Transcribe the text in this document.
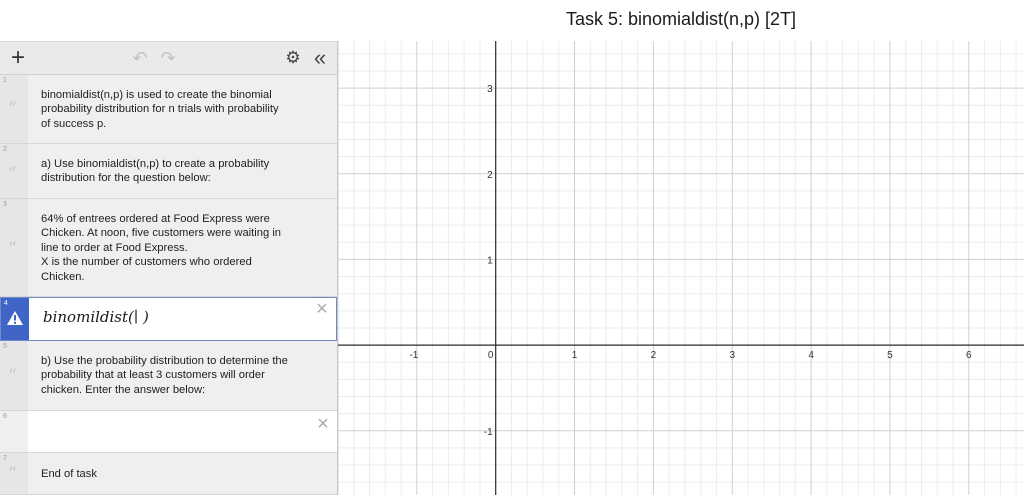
Task 5: binomialdist(n,p) [2T]
+	↶ ↷	⚙ «
1
“
binomialdist(n,p) is used to create the binomial
probability distribution for n trials with probability
of success p.
2
“ a) Use binomialdist(n,p) to create a probability
distribution for the question below:
3
“
64% of entrees ordered at Food Express were
Chicken. At noon, five customers were waiting in
line to order at Food Express.
X is the number of customers who ordered
Chicken.
4
binomildist(∣ )	×
5
“
b) Use the probability distribution to determine the
probability that at least 3 customers will order
chicken. Enter the answer below:
6	×
7
“ End of task
-1	0	1	2	3	4	5	6
3
2
1
-1
